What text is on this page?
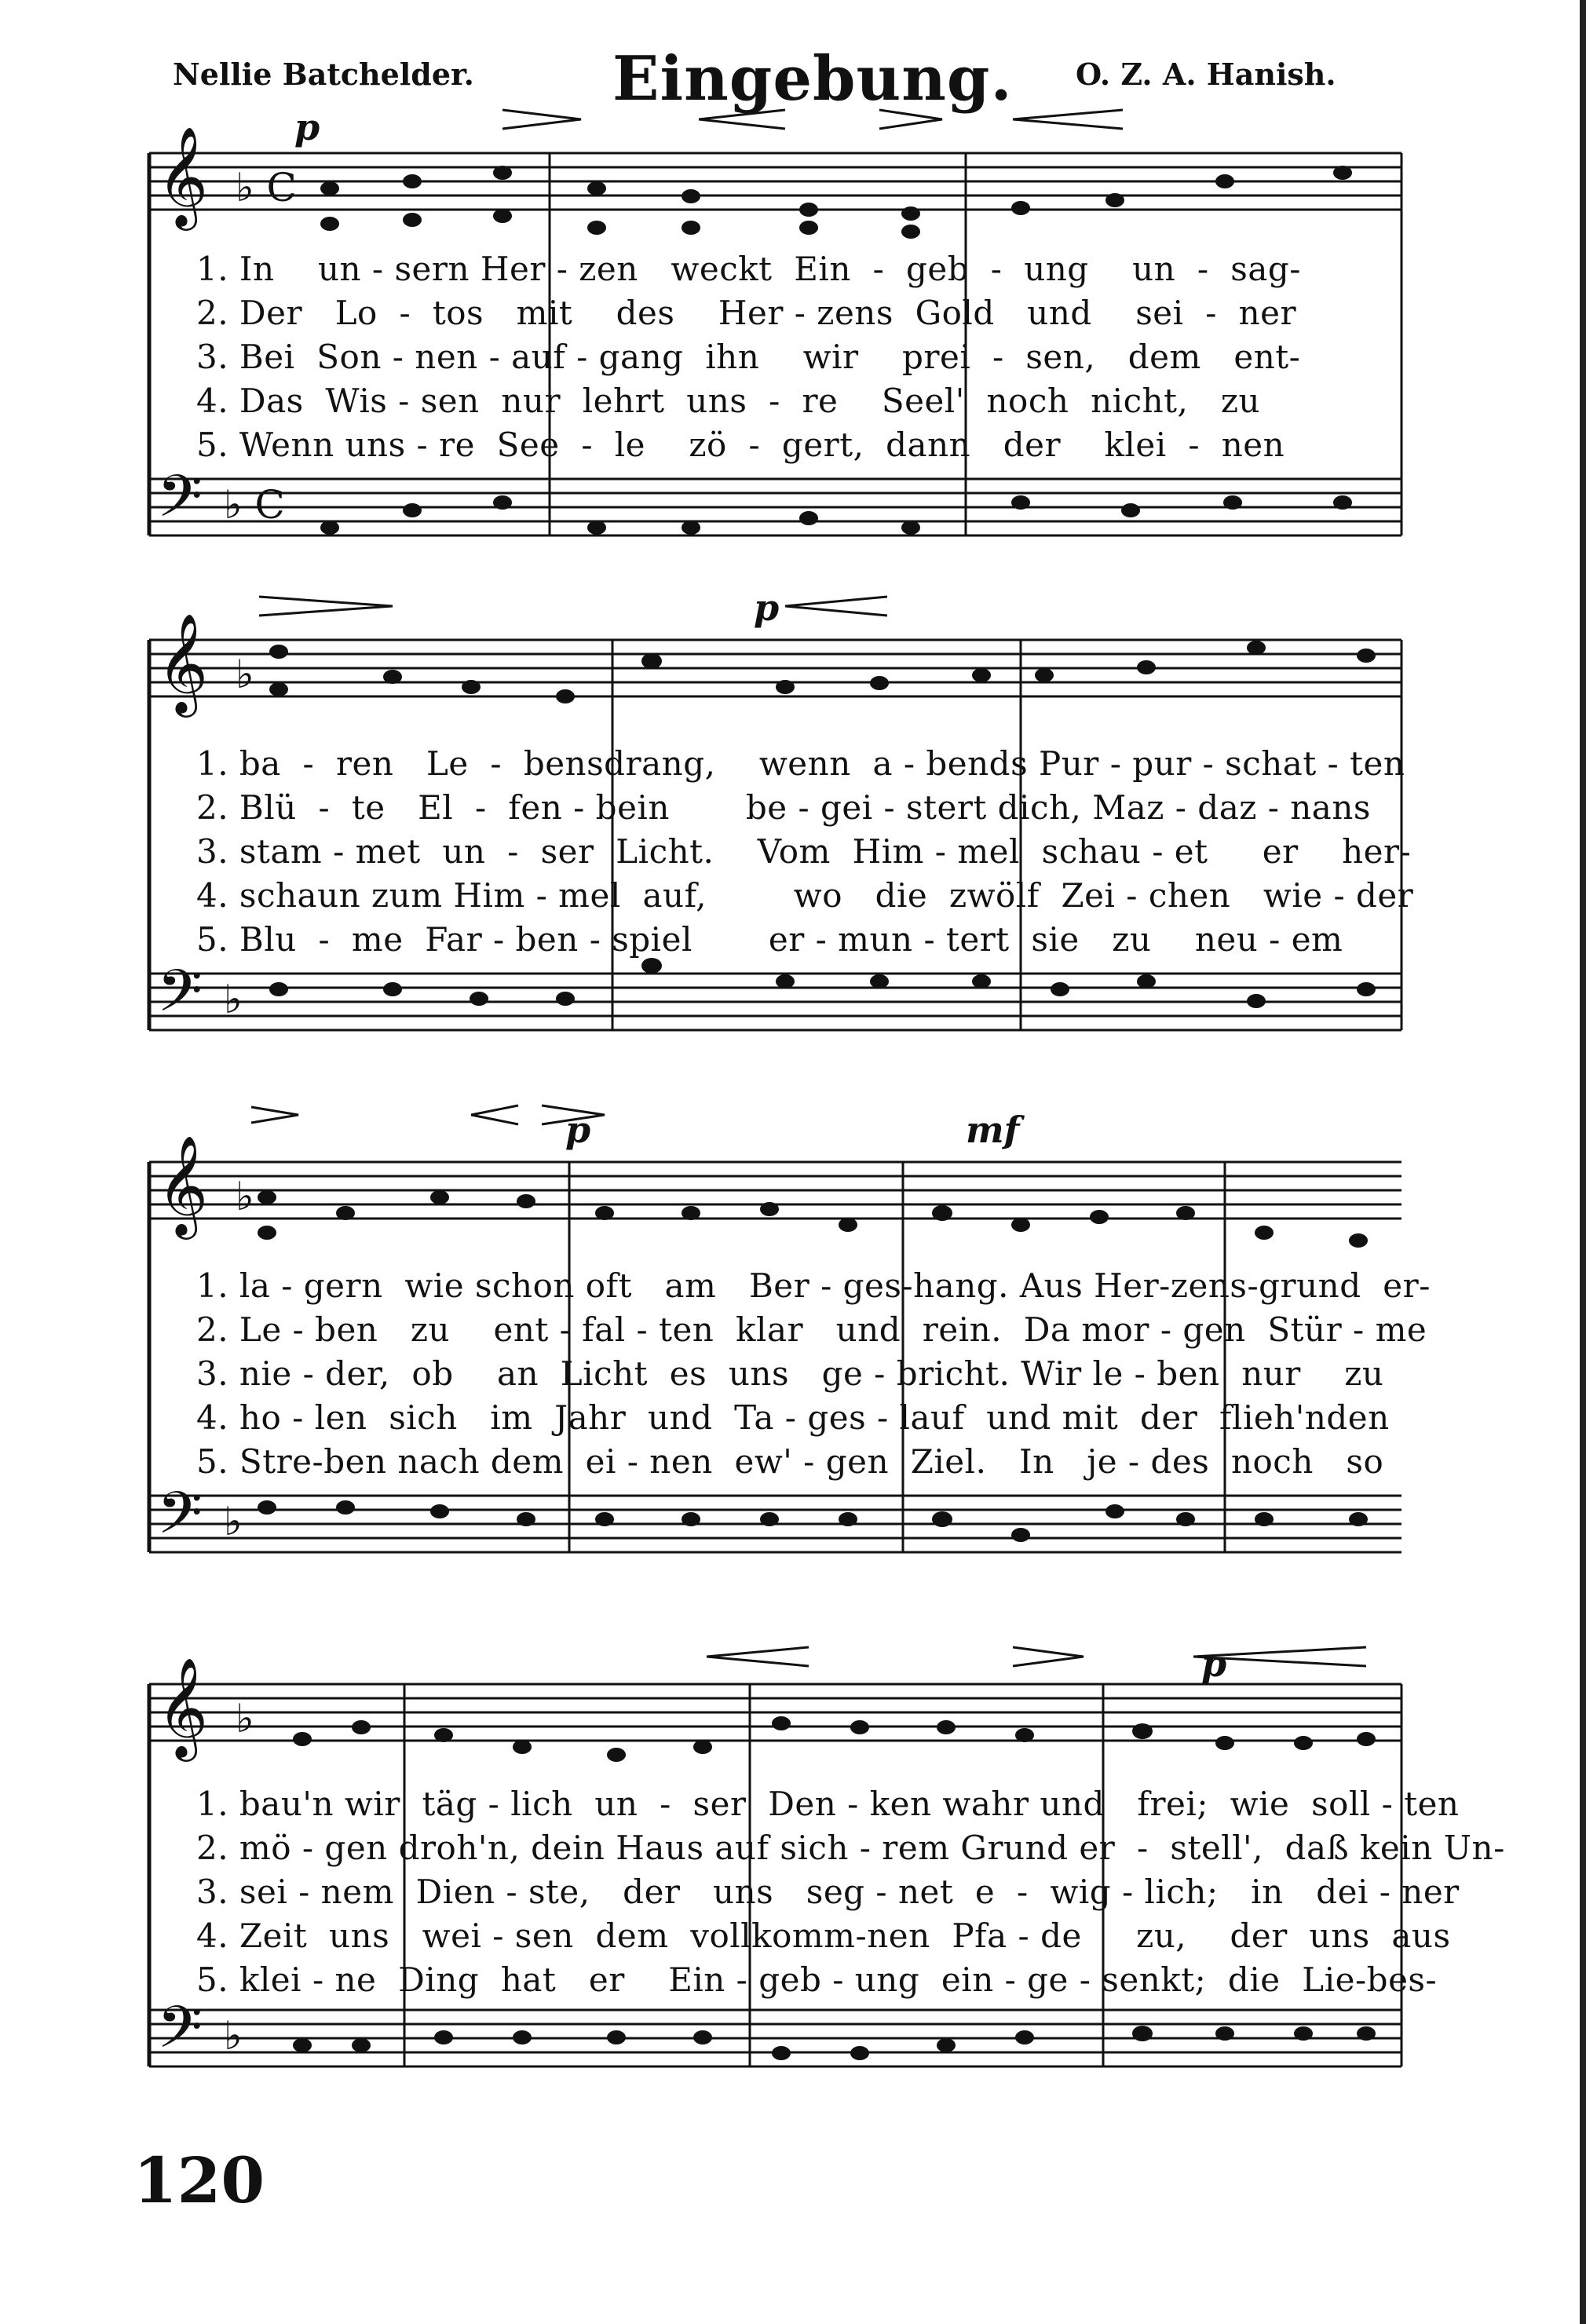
Nellie Batchelder. Eingebung. O. Z. A. Hanish.
𝄞 ♭ C
𝄢 ♭ C
p
1. In    un - sern Her - zen   weckt  Ein  -  geb  -  ung    un  -  sag-
2. Der   Lo  -  tos   mit    des    Her - zens  Gold   und    sei  -  ner
3. Bei  Son - nen - auf - gang  ihn    wir    prei  -  sen,   dem   ent-
4. Das  Wis - sen  nur  lehrt  uns  -  re    Seel'  noch  nicht,   zu
5. Wenn uns - re  See  -  le    zö  -  gert,  dann   der    klei  -  nen
𝄞 ♭
𝄢 ♭
p
1. ba  -  ren   Le  -  bensdrang,    wenn  a - bends Pur - pur - schat - ten
2. Blü  -  te   El  -  fen - bein       be - gei - stert dich, Maz - daz - nans
3. stam - met  un  -  ser  Licht.    Vom  Him - mel  schau - et     er    her-
4. schaun zum Him - mel  auf,        wo   die  zwölf  Zei - chen   wie - der
5. Blu  -  me  Far - ben - spiel       er - mun - tert  sie   zu    neu - em
𝄞 ♭
𝄢 ♭
p	mf
1. la - gern  wie schon oft   am   Ber - ges-hang. Aus Her-zens-grund  er-
2. Le - ben   zu    ent - fal - ten  klar   und  rein.  Da mor - gen  Stür - me
3. nie - der,  ob    an  Licht  es  uns   ge - bricht. Wir le - ben  nur    zu
4. ho - len  sich   im  Jahr  und  Ta - ges - lauf  und mit  der  flieh'nden
5. Stre-ben nach dem  ei - nen  ew' - gen  Ziel.   In   je - des  noch   so
𝄞 ♭
𝄢 ♭
p
1. bau'n wir  täg - lich  un  -  ser  Den - ken wahr und   frei;  wie  soll - ten
2. mö - gen droh'n, dein Haus auf sich - rem Grund er  -  stell',  daß kein Un-
3. sei - nem  Dien - ste,   der   uns   seg - net  e  -  wig - lich;   in   dei - ner
4. Zeit  uns   wei - sen  dem  vollkomm-nen  Pfa - de     zu,    der  uns  aus
5. klei - ne  Ding  hat   er    Ein - geb - ung  ein - ge - senkt;  die  Lie-bes-
120
